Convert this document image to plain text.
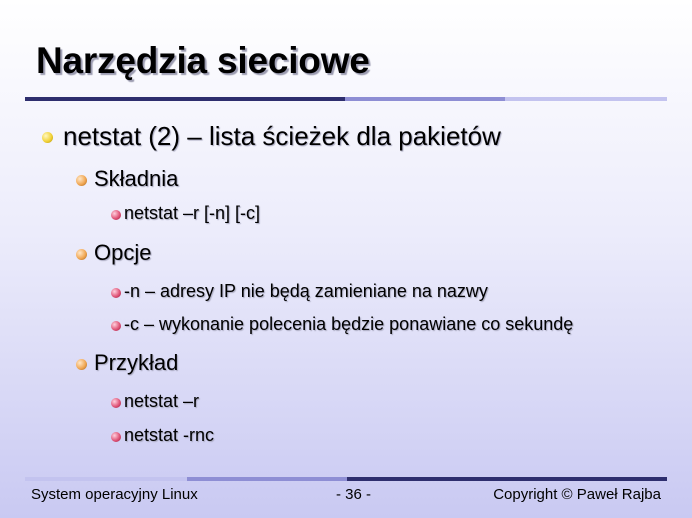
Narzędzia sieciowe
netstat (2) – lista ścieżek dla pakietów
Składnia
netstat –r [-n] [-c]
Opcje
-n – adresy IP nie będą zamieniane na nazwy
-c – wykonanie polecenia będzie ponawiane co sekundę
Przykład
netstat –r
netstat -rnc
System operacyjny Linux	- 36 -	Copyright © Paweł Rajba
